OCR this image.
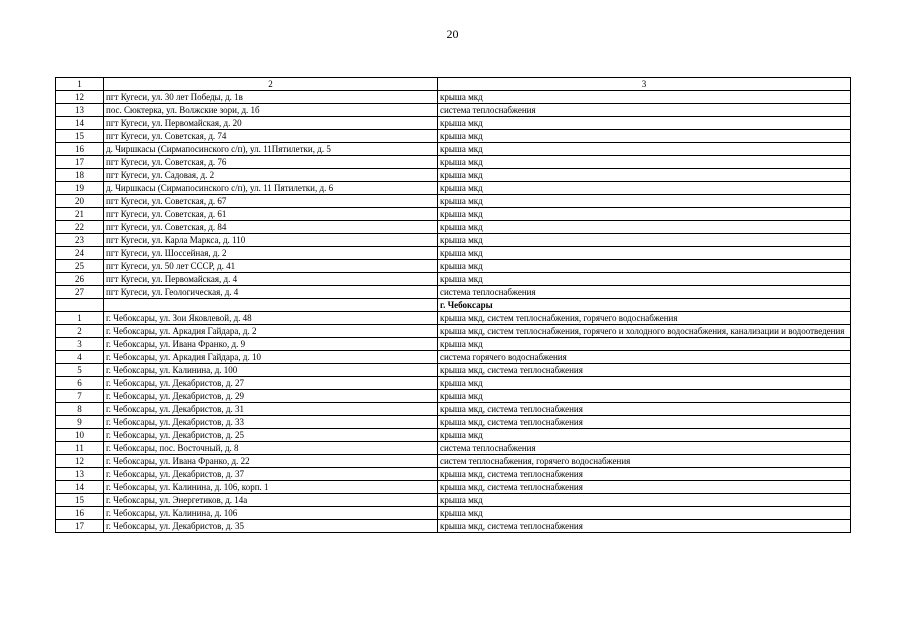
20
1	2	3
12	пгт Кугеси, ул. 30 лет Победы, д. 1в	крыша мкд
13	пос. Сюктерка, ул. Волжские зори, д. 1б	система теплоснабжения
14	пгт Кугеси, ул. Первомайская, д. 20	крыша мкд
15	пгт Кугеси, ул. Советская, д. 74	крыша мкд
16	д. Чиршкасы (Сирмапосинского с/п), ул. 11Пятилетки, д. 5	крыша мкд
17	пгт Кугеси, ул. Советская, д. 76	крыша мкд
18	пгт Кугеси, ул. Садовая, д. 2	крыша мкд
19	д. Чиршкасы (Сирмапосинского с/п), ул. 11 Пятилетки, д. 6	крыша мкд
20	пгт Кугеси, ул. Советская, д. 67	крыша мкд
21	пгт Кугеси, ул. Советская, д. 61	крыша мкд
22	пгт Кугеси, ул. Советская, д. 84	крыша мкд
23	пгт Кугеси, ул. Карла Маркса, д. 110	крыша мкд
24	пгт Кугеси, ул. Шоссейная, д. 2	крыша мкд
25	пгт Кугеси, ул. 50 лет СССР, д. 41	крыша мкд
26	пгт Кугеси, ул. Первомайская, д. 4	крыша мкд
27	пгт Кугеси, ул. Геологическая, д. 4	система теплоснабжения
		г. Чебоксары
1	г. Чебоксары, ул. Зои Яковлевой, д. 48	крыша мкд, систем теплоснабжения, горячего водоснабжения
2	г. Чебоксары, ул. Аркадия Гайдара, д. 2	крыша мкд, систем теплоснабжения, горячего и холодного водоснабжения, канализации и водоотведения
3	г. Чебоксары, ул. Ивана Франко, д. 9	крыша мкд
4	г. Чебоксары, ул. Аркадия Гайдара, д. 10	система горячего водоснабжения
5	г. Чебоксары, ул. Калинина, д. 100	крыша мкд, система теплоснабжения
6	г. Чебоксары, ул. Декабристов, д. 27	крыша мкд
7	г. Чебоксары, ул. Декабристов, д. 29	крыша мкд
8	г. Чебоксары, ул. Декабристов, д. 31	крыша мкд, система теплоснабжения
9	г. Чебоксары, ул. Декабристов, д. 33	крыша мкд, система теплоснабжения
10	г. Чебоксары, ул. Декабристов, д. 25	крыша мкд
11	г. Чебоксары, пос. Восточный, д. 8	система теплоснабжения
12	г. Чебоксары, ул. Ивана Франко, д. 22	систем теплоснабжения, горячего водоснабжения
13	г. Чебоксары, ул. Декабристов, д. 37	крыша мкд, система теплоснабжения
14	г. Чебоксары, ул. Калинина, д. 106, корп. 1	крыша мкд, система теплоснабжения
15	г. Чебоксары, ул. Энергетиков, д. 14а	крыша мкд
16	г. Чебоксары, ул. Калинина, д. 106	крыша мкд
17	г. Чебоксары, ул. Декабристов, д. 35	крыша мкд, система теплоснабжения
